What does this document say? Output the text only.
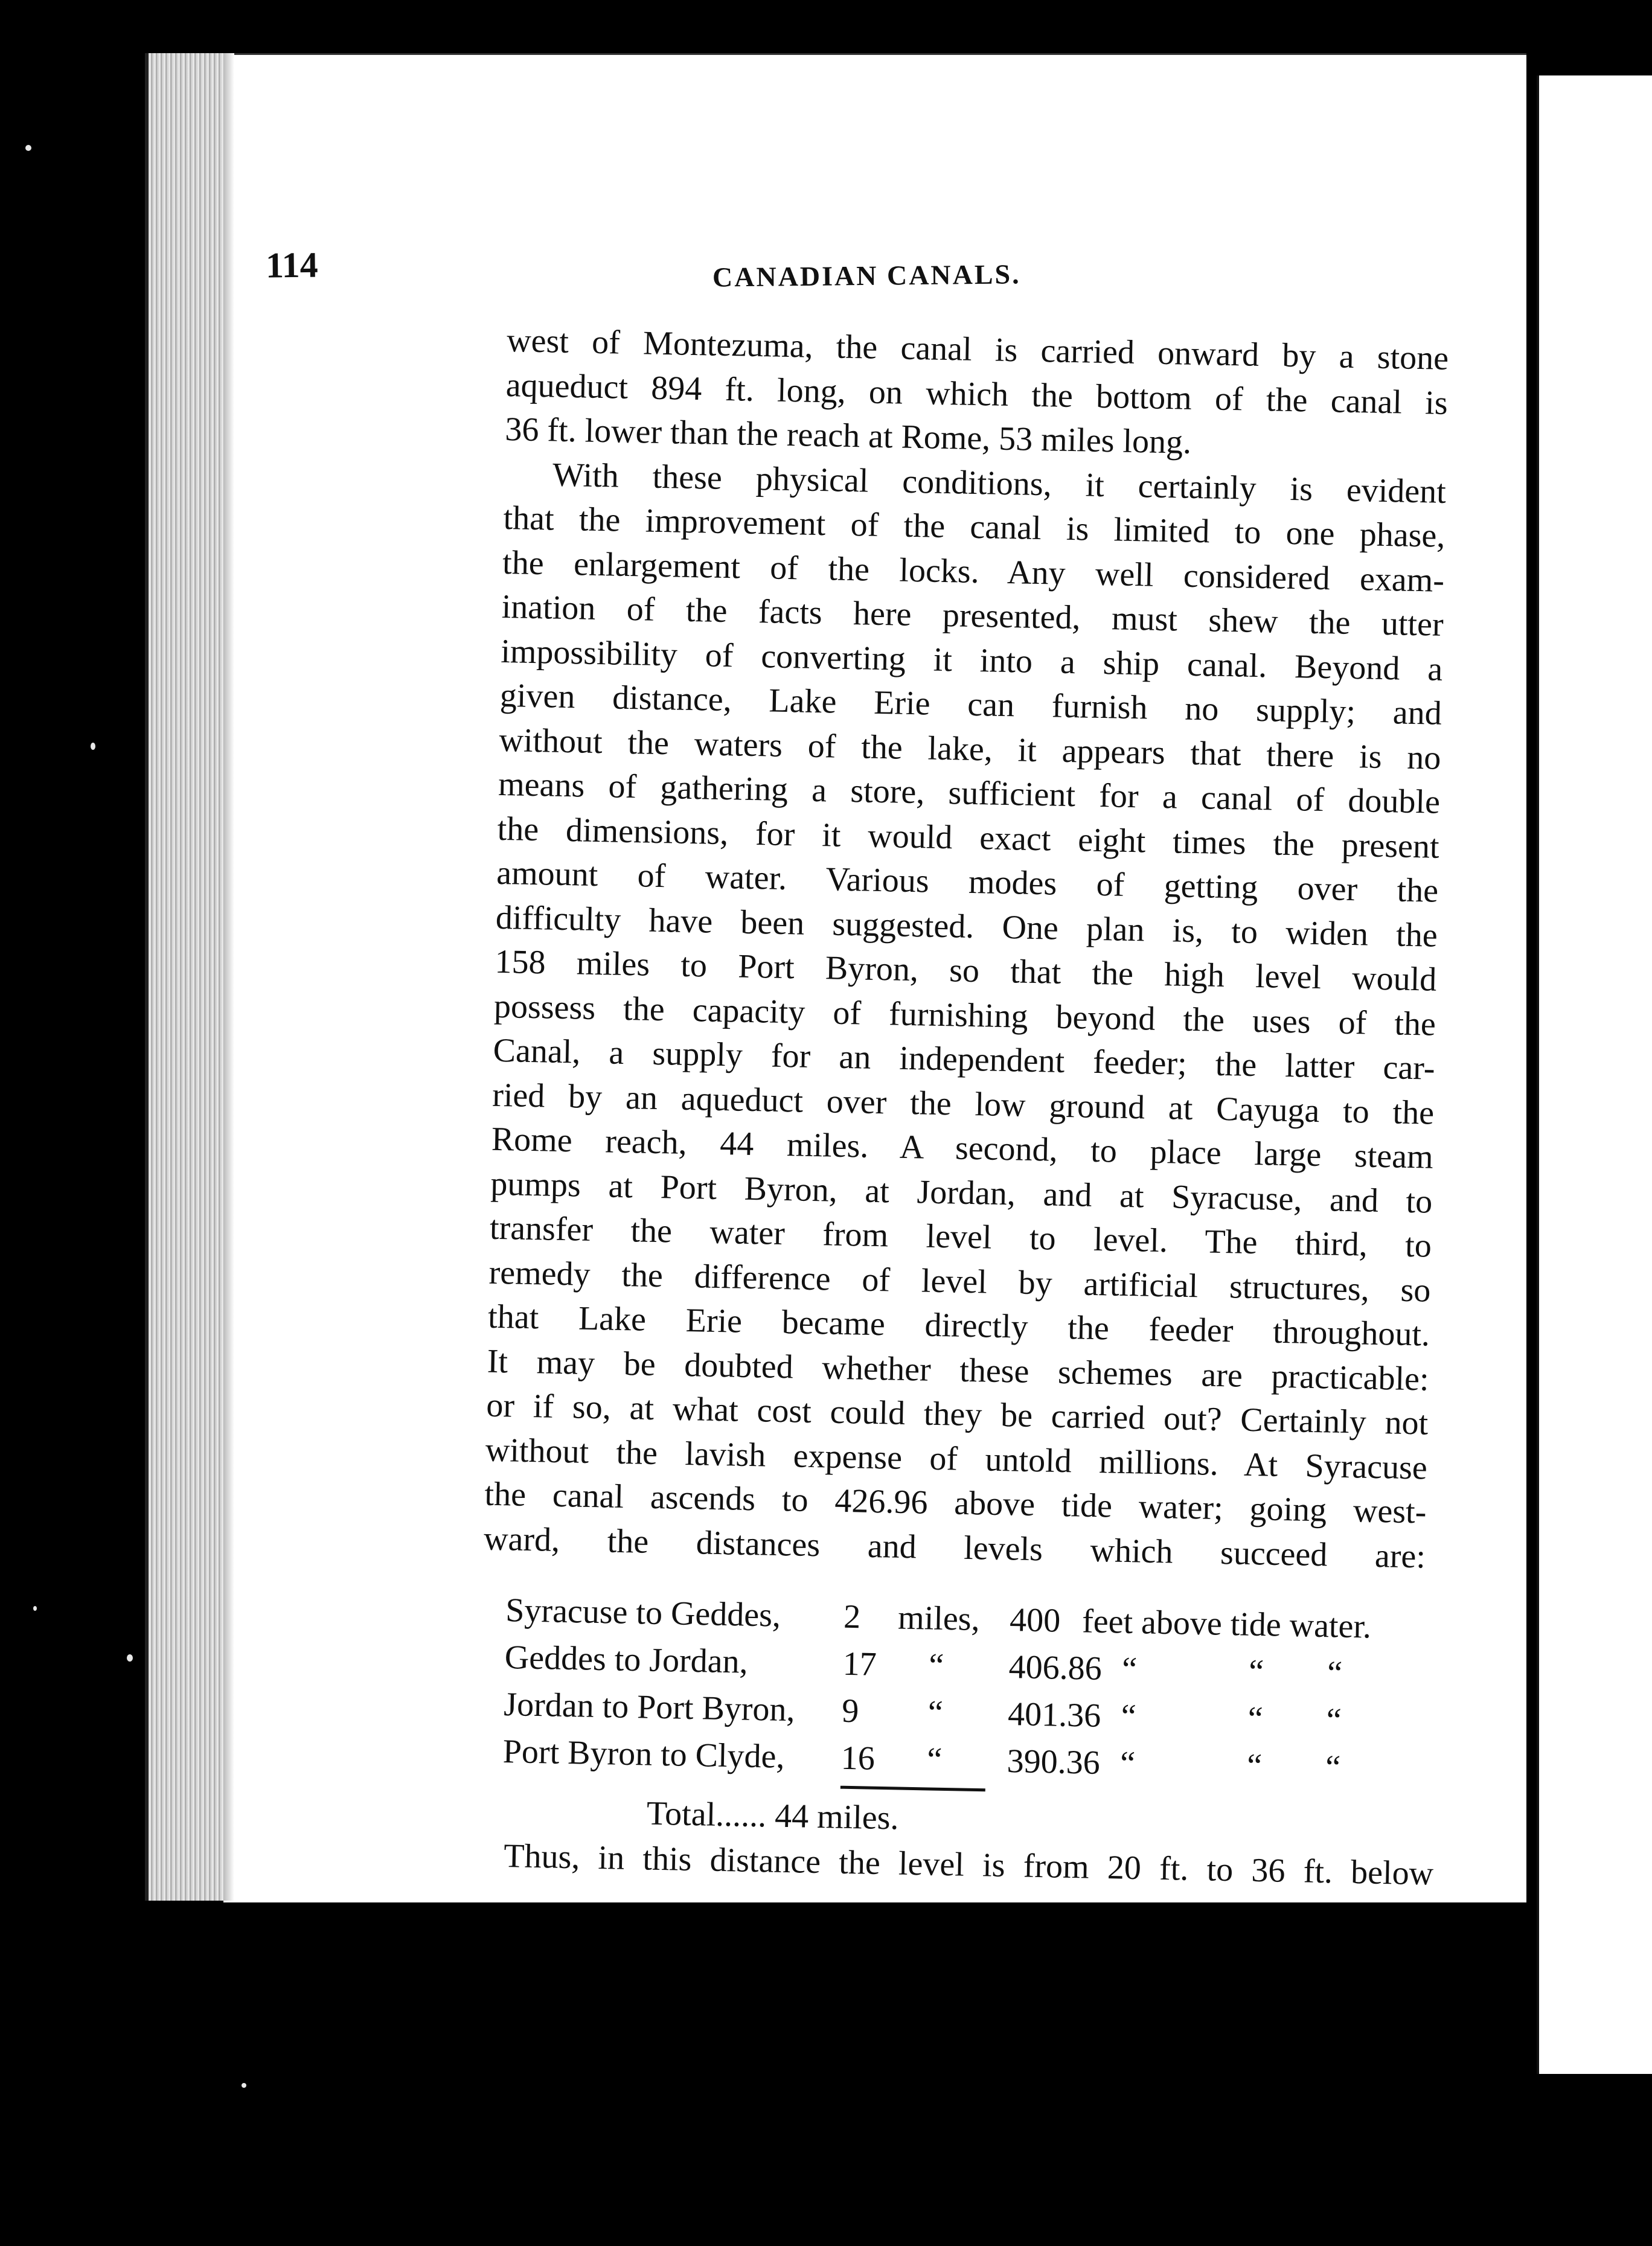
114	CANADIAN CANALS.
west of Montezuma, the canal is carried onward by a stone
aqueduct 894 ft. long, on which the bottom of the canal is
36 ft. lower than the reach at Rome, 53 miles long.
With these physical conditions, it certainly is evident
that the improvement of the canal is limited to one phase,
the enlargement of the locks. Any well considered exam-
ination of the facts here presented, must shew the utter
impossibility of converting it into a ship canal. Beyond a
given distance, Lake Erie can furnish no supply; and
without the waters of the lake, it appears that there is no
means of gathering a store, sufficient for a canal of double
the dimensions, for it would exact eight times the present
amount of water. Various modes of getting over the
difficulty have been suggested. One plan is, to widen the
158 miles to Port Byron, so that the high level would
possess the capacity of furnishing beyond the uses of the
Canal, a supply for an independent feeder; the latter car-
ried by an aqueduct over the low ground at Cayuga to the
Rome reach, 44 miles. A second, to place large steam
pumps at Port Byron, at Jordan, and at Syracuse, and to
transfer the water from level to level. The third, to
remedy the difference of level by artificial structures, so
that Lake Erie became directly the feeder throughout.
It may be doubted whether these schemes are practicable:
or if so, at what cost could they be carried out? Certainly not
without the lavish expense of untold millions. At Syracuse
the canal ascends to 426.96 above tide water; going west-
ward, the distances and levels which succeed are:
Syracuse to Geddes, 2 miles, 400 feet above tide water.
Geddes to Jordan,	17 “ 406.86 “	“ “
Jordan to Port Byron, 9 “ 401.36 “	“ “
Port Byron to Clyde, 16 “ 390.36 “	“ “
Total...... 44 miles.
Thus, in this distance the level is from 20 ft. to 36 ft. below
